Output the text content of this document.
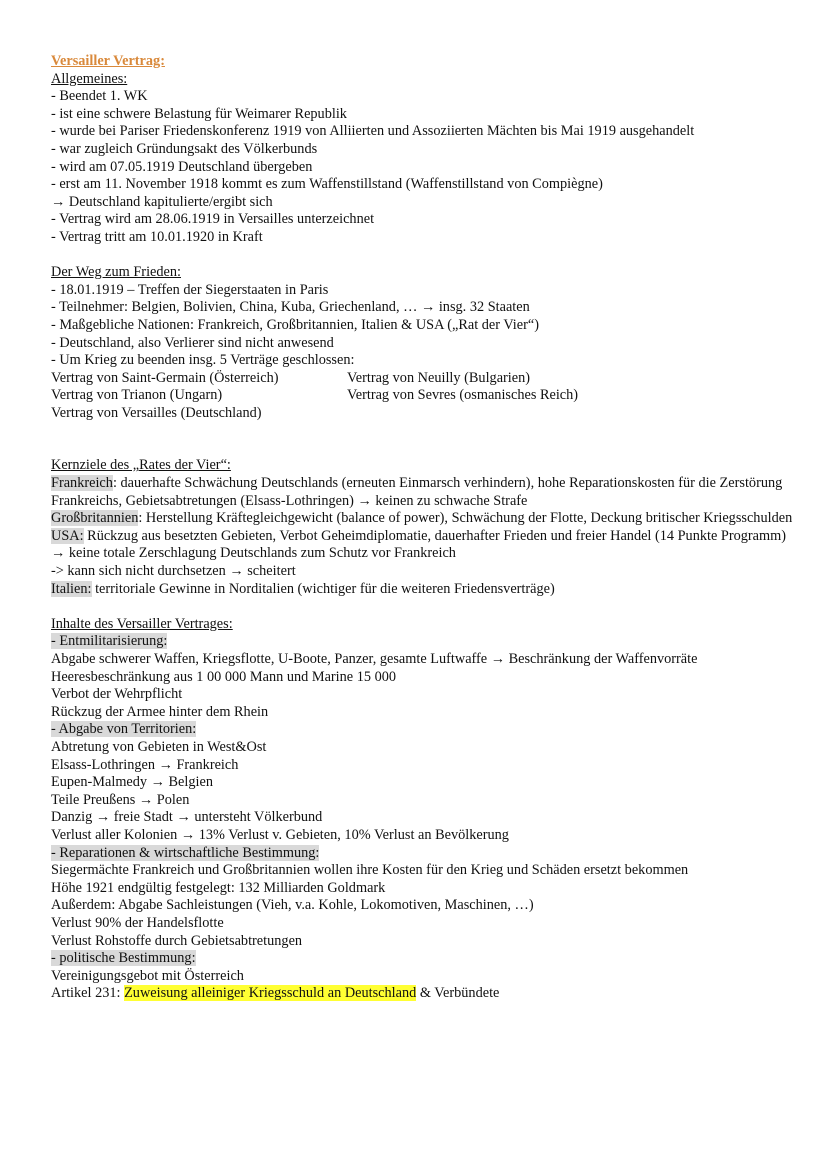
Versailler Vertrag:
Allgemeines:
- Beendet 1. WK
- ist eine schwere Belastung für Weimarer Republik
- wurde bei Pariser Friedenskonferenz 1919 von Alliierten und Assoziierten Mächten bis Mai 1919 ausgehandelt
- war zugleich Gründungsakt des Völkerbunds
- wird am 07.05.1919 Deutschland übergeben
- erst am 11. November 1918 kommt es zum Waffenstillstand (Waffenstillstand von Compiègne)
→ Deutschland kapitulierte/ergibt sich
- Vertrag wird am 28.06.1919 in Versailles unterzeichnet
- Vertrag tritt am 10.01.1920 in Kraft
Der Weg zum Frieden:
- 18.01.1919 – Treffen der Siegerstaaten in Paris
- Teilnehmer: Belgien, Bolivien, China, Kuba, Griechenland, … → insg. 32 Staaten
- Maßgebliche Nationen: Frankreich, Großbritannien, Italien & USA („Rat der Vier“)
- Deutschland, also Verlierer sind nicht anwesend
- Um Krieg zu beenden insg. 5 Verträge geschlossen:
Vertrag von Saint-Germain (Österreich)
Vertrag von Trianon (Ungarn)
Vertrag von Versailles (Deutschland)
Vertrag von Neuilly (Bulgarien)
Vertrag von Sevres (osmanisches Reich)
Kernziele des „Rates der Vier“:
Frankreich: dauerhafte Schwächung Deutschlands (erneuten Einmarsch verhindern), hohe Reparationskosten für die Zerstörung Frankreichs, Gebietsabtretungen (Elsass-Lothringen) → keinen zu schwache Strafe
Großbritannien: Herstellung Kräftegleichgewicht (balance of power), Schwächung der Flotte, Deckung britischer Kriegsschulden
USA: Rückzug aus besetzten Gebieten, Verbot Geheimdiplomatie, dauerhafter Frieden und freier Handel (14 Punkte Programm) → keine totale Zerschlagung Deutschlands zum Schutz vor Frankreich
-> kann sich nicht durchsetzen → scheitert
Italien: territoriale Gewinne in Norditalien (wichtiger für die weiteren Friedensverträge)
Inhalte des Versailler Vertrages:
- Entmilitarisierung:
Abgabe schwerer Waffen, Kriegsflotte, U-Boote, Panzer, gesamte Luftwaffe → Beschränkung der Waffenvorräte
Heeresbeschränkung aus 1 00 000 Mann und Marine 15 000
Verbot der Wehrpflicht
Rückzug der Armee hinter dem Rhein
- Abgabe von Territorien:
Abtretung von Gebieten in West&Ost
Elsass-Lothringen → Frankreich
Eupen-Malmedy → Belgien
Teile Preußens → Polen
Danzig → freie Stadt → untersteht Völkerbund
Verlust aller Kolonien → 13% Verlust v. Gebieten, 10% Verlust an Bevölkerung
- Reparationen & wirtschaftliche Bestimmung:
Siegermächte Frankreich und Großbritannien wollen ihre Kosten für den Krieg und Schäden ersetzt bekommen
Höhe 1921 endgültig festgelegt: 132 Milliarden Goldmark
Außerdem: Abgabe Sachleistungen (Vieh, v.a. Kohle, Lokomotiven, Maschinen, …)
Verlust 90% der Handelsflotte
Verlust Rohstoffe durch Gebietsabtretungen
- politische Bestimmung:
Vereinigungsgebot mit Österreich
Artikel 231: Zuweisung alleiniger Kriegsschuld an Deutschland & Verbündete
